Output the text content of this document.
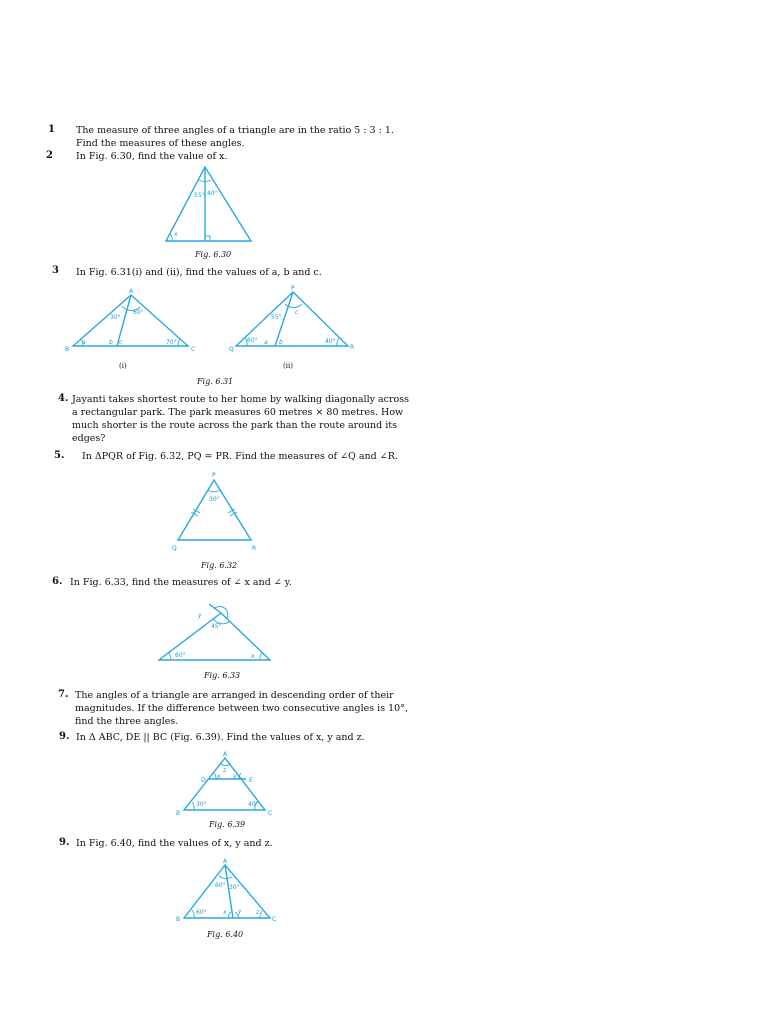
1 The measure of three angles of a triangle are in the ratio 5 : 3 : 1.
Find the measures of these angles.
2 In Fig. 6.30, find the value of x.
55° 40°
x
Fig. 6.30
3 In Fig. 6.31(i) and (ii), find the values of a, b and c.
A
B	C
30°
60°
a	b c	70°
P
Q	R
55°
c
60° a b	40°
(i)	(ii)
Fig. 6.31
4. Jayanti takes shortest route to her home by walking diagonally across
a rectangular park. The park measures 60 metres × 80 metres. How
much shorter is the route across the park than the route around its
edges?
5. In ΔPQR of Fig. 6.32, PQ = PR. Find the measures of ∠Q and ∠R.
P
Q	R
30°
Fig. 6.32
6. In Fig. 6.33, find the measures of ∠ x and ∠ y.
y
45°
60°	x
Fig. 6.33
7. The angles of a triangle are arranged in descending order of their
magnitudes. If the difference between two consecutive angles is 10°,
find the three angles.
9. In Δ ABC, DE || BC (Fig. 6.39). Find the values of x, y and z.
A
D	E
z
x y
B	C
30°	40°
Fig. 6.39
9. In Fig. 6.40, find the values of x, y and z.
A
60° 30°
60°	x y z
B	C
Fig. 6.40
